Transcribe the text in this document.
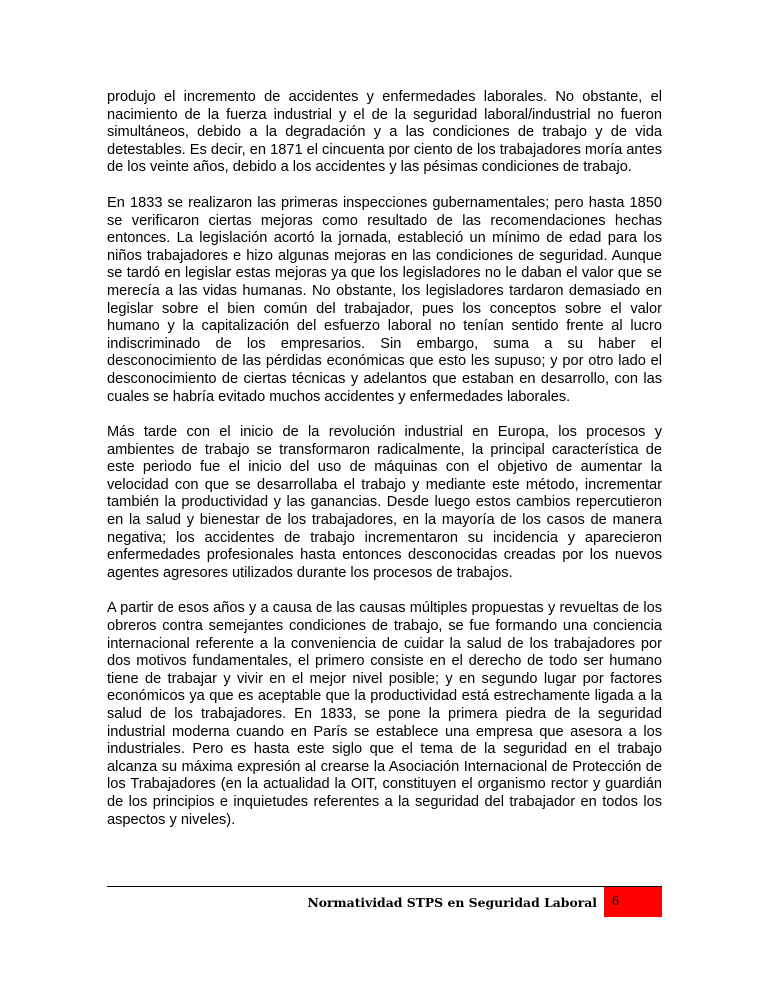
produjo el incremento de accidentes y enfermedades laborales. No obstante, el nacimiento de la fuerza industrial y el de la seguridad laboral/industrial no fueron simultáneos, debido a la degradación y a las condiciones de trabajo y de vida detestables. Es decir, en 1871 el cincuenta por ciento de los trabajadores moría antes de los veinte años, debido a los accidentes y las pésimas condiciones de trabajo.

En 1833 se realizaron las primeras inspecciones gubernamentales; pero hasta 1850 se verificaron ciertas mejoras como resultado de las recomendaciones hechas entonces. La legislación acortó la jornada, estableció un mínimo de edad para los niños trabajadores e hizo algunas mejoras en las condiciones de seguridad. Aunque se tardó en legislar estas mejoras ya que los legisladores no le daban el valor que se merecía a las vidas humanas. No obstante, los legisladores tardaron demasiado en legislar sobre el bien común del trabajador, pues los conceptos sobre el valor humano y la capitalización del esfuerzo laboral no tenían sentido frente al lucro indiscriminado de los empresarios. Sin embargo, suma a su haber el desconocimiento de las pérdidas económicas que esto les supuso; y por otro lado el desconocimiento de ciertas técnicas y adelantos que estaban en desarrollo, con las cuales se habría evitado muchos accidentes y enfermedades laborales.

Más tarde con el inicio de la revolución industrial en Europa, los procesos y ambientes de trabajo se transformaron radicalmente, la principal característica de este periodo fue el inicio del uso de máquinas con el objetivo de aumentar la velocidad con que se desarrollaba el trabajo y mediante este método, incrementar también la productividad y las ganancias. Desde luego estos cambios repercutieron en la salud y bienestar de los trabajadores, en la mayoría de los casos de manera negativa; los accidentes de trabajo incrementaron su incidencia y aparecieron enfermedades profesionales hasta entonces desconocidas creadas por los nuevos agentes agresores utilizados durante los procesos de trabajos.

A partir de esos años y a causa de las causas múltiples propuestas y revueltas de los obreros contra semejantes condiciones de trabajo, se fue formando una conciencia internacional referente a la conveniencia de cuidar la salud de los trabajadores por dos motivos fundamentales, el primero consiste en el derecho de todo ser humano tiene de trabajar y vivir en el mejor nivel posible; y en segundo lugar por factores económicos ya que es aceptable que la productividad está estrechamente ligada a la salud de los trabajadores. En 1833, se pone la primera piedra de la seguridad industrial moderna cuando en París se establece una empresa que asesora a los industriales. Pero es hasta este siglo que el tema de la seguridad en el trabajo alcanza su máxima expresión al crearse la Asociación Internacional de Protección de los Trabajadores (en la actualidad la OIT, constituyen el organismo rector y guardián de los principios e inquietudes referentes a la seguridad del trabajador en todos los aspectos y niveles).

Normatividad STPS en Seguridad Laboral	6
